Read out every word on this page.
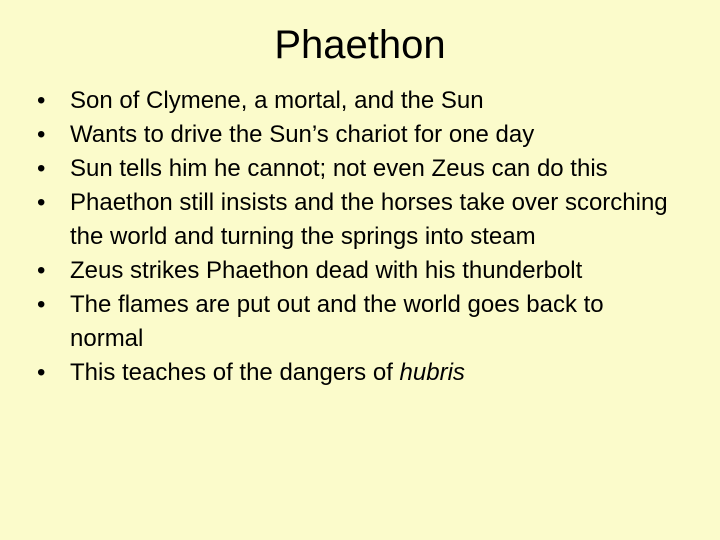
Phaethon
•	Son of Clymene, a mortal, and the Sun
•	Wants to drive the Sun’s chariot for one day
•	Sun tells him he cannot; not even Zeus can do this
•	Phaethon still insists and the horses take over scorching the world and turning the springs into steam
•	Zeus strikes Phaethon dead with his thunderbolt
•	The flames are put out and the world goes back to normal
•	This teaches of the dangers of hubris
